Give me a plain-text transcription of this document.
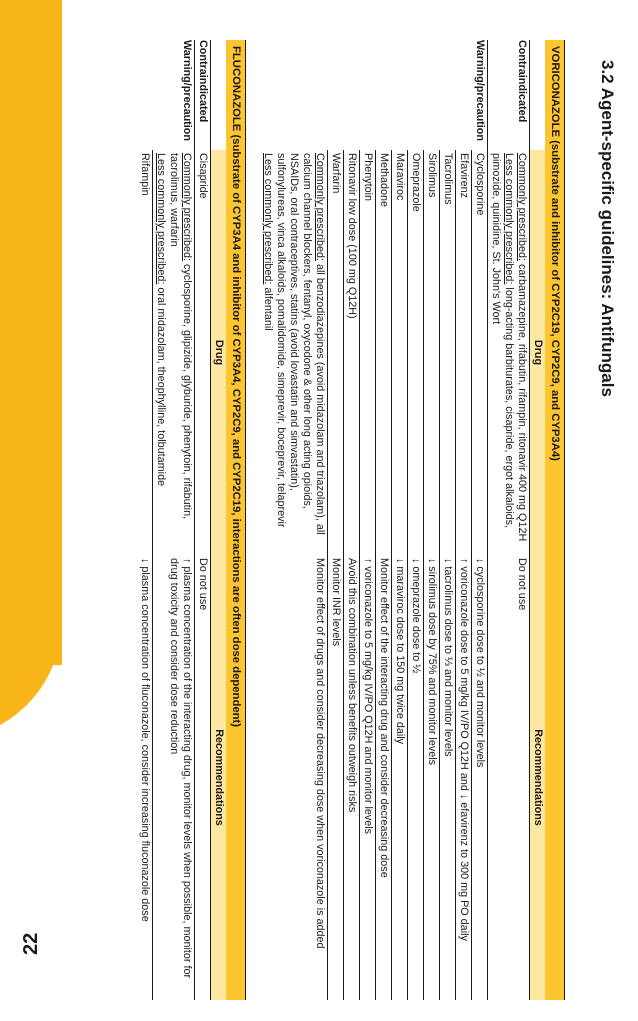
22
3.2 Agent-specific guidelines: Antifungals
VORICONAZOLE (substrate and inhibitor of CYP2C19, CYP2C9, and CYP3A4)
	Drug	Recommendations
Contraindicated	Commonly prescribed: carbamazepine, rifabutin, rifampin, ritonavir 400 mg Q12H
Less commonly prescribed: long-acting barbiturates, cisapride, ergot alkaloids, pimozide, quinidine, St. John's Wort	Do not use
Warning/precaution	Cyclosporine	↓ cyclosporine dose to ½ and monitor levels
	Efavirenz	↑ voriconazole dose to 5 mg/kg IV/PO Q12H and ↓ efavirenz to 300 mg PO daily
	Tacrolimus	↓ tacrolimus dose to ⅓ and monitor levels
	Sirolimus	↓ sirolimus dose by 75% and monitor levels
	Omeprazole	↓ omeprazole dose to ½
	Maraviroc	↓ maraviroc dose to 150 mg twice daily
	Methadone	Monitor effect of the interacting drug and consider decreasing dose
	Phenytoin	↑ voriconazole to 5 mg/kg IV/PO Q12H and monitor levels
	Ritonavir low dose (100 mg Q12H)	Avoid this combination unless benefits outweigh risks
	Warfarin	Monitor INR levels
	Commonly prescribed: all benzodiazepines (avoid midazolam and triazolam), all calcium channel blockers, fentanyl, oxycodone & other long acting opioids, NSAIDs, oral contraceptives, statins (avoid lovastatin and simvastatin), sulfonylureas, vinca alkaloids, pomalidomide, simeprevir, boceprevir, telaprevir
Less commonly prescribed: alfentanil	Monitor effect of drugs and consider decreasing dose when voriconazole is added
FLUCONAZOLE (substrate of CYP3A4 and inhibitor of CYP3A4, CYP2C9, and CYP2C19, interactions are often dose dependent)
	Drug	Recommendations
Contraindicated	Cisapride	Do not use
Warning/precaution	Commonly prescribed: cyclosporine, glipizide, glyburide, phenytoin, rifabutin, tacrolimus, warfarin
Less commonly prescribed: oral midazolam, theophylline, tolbutamide	↑ plasma concentration of the interacting drug, monitor levels when possible, monitor for drug toxicity and consider dose reduction
	Rifampin	↓ plasma concentration of fluconazole, consider increasing fluconazole dose
